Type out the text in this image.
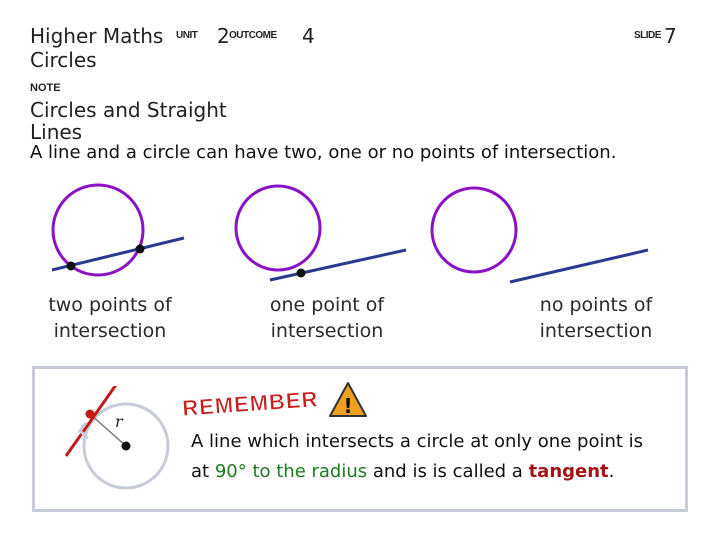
Higher Maths
Circles
UNIT 2 OUTCOME 4	SLIDE 7
NOTE
Circles and Straight Lines
A line and a circle can have two, one or no points of intersection.
two points of intersection
one point of intersection
no points of intersection
r
REMEMBER !
A line which intersects a circle at only one point is at 90° to the radius and is is called a tangent.
